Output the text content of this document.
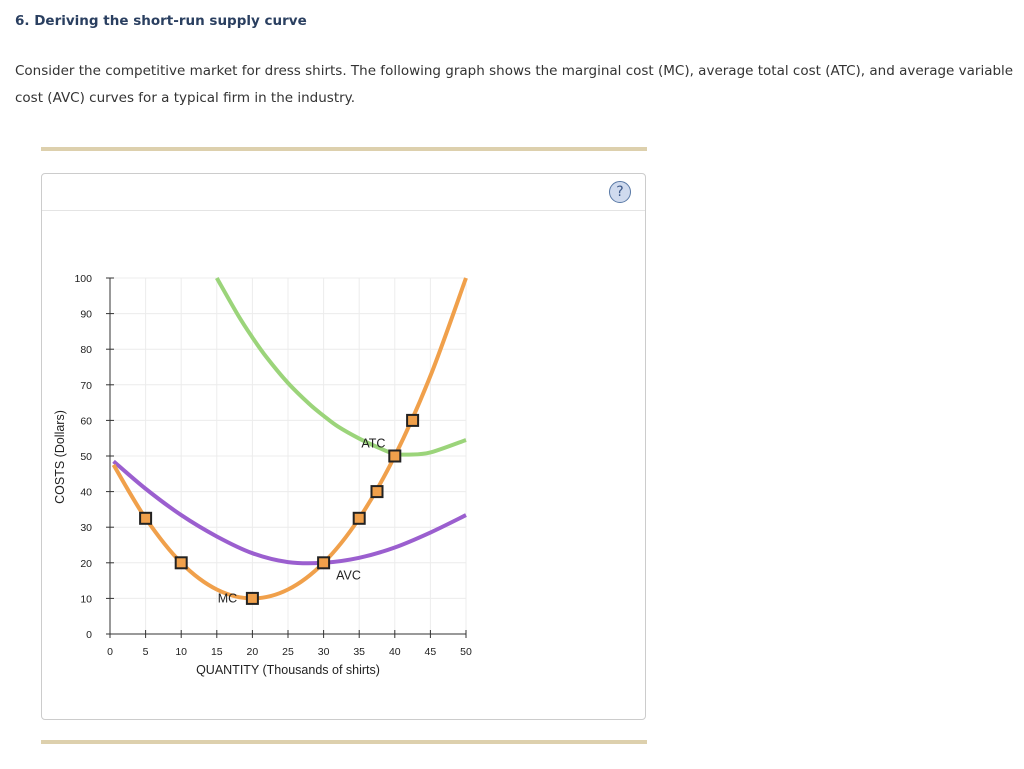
6. Deriving the short-run supply curve
Consider the competitive market for dress shirts. The following graph shows the marginal cost (MC), average total cost (ATC), and average variable cost (AVC) curves for a typical firm in the industry.
?
0	5	10 15 20 25 30 35 40 45 50
0
10
20
30
40
50
60
70
80
90
100
ATC
AVC
MC
QUANTITY (Thousands of shirts)
COSTS (Dollars)
